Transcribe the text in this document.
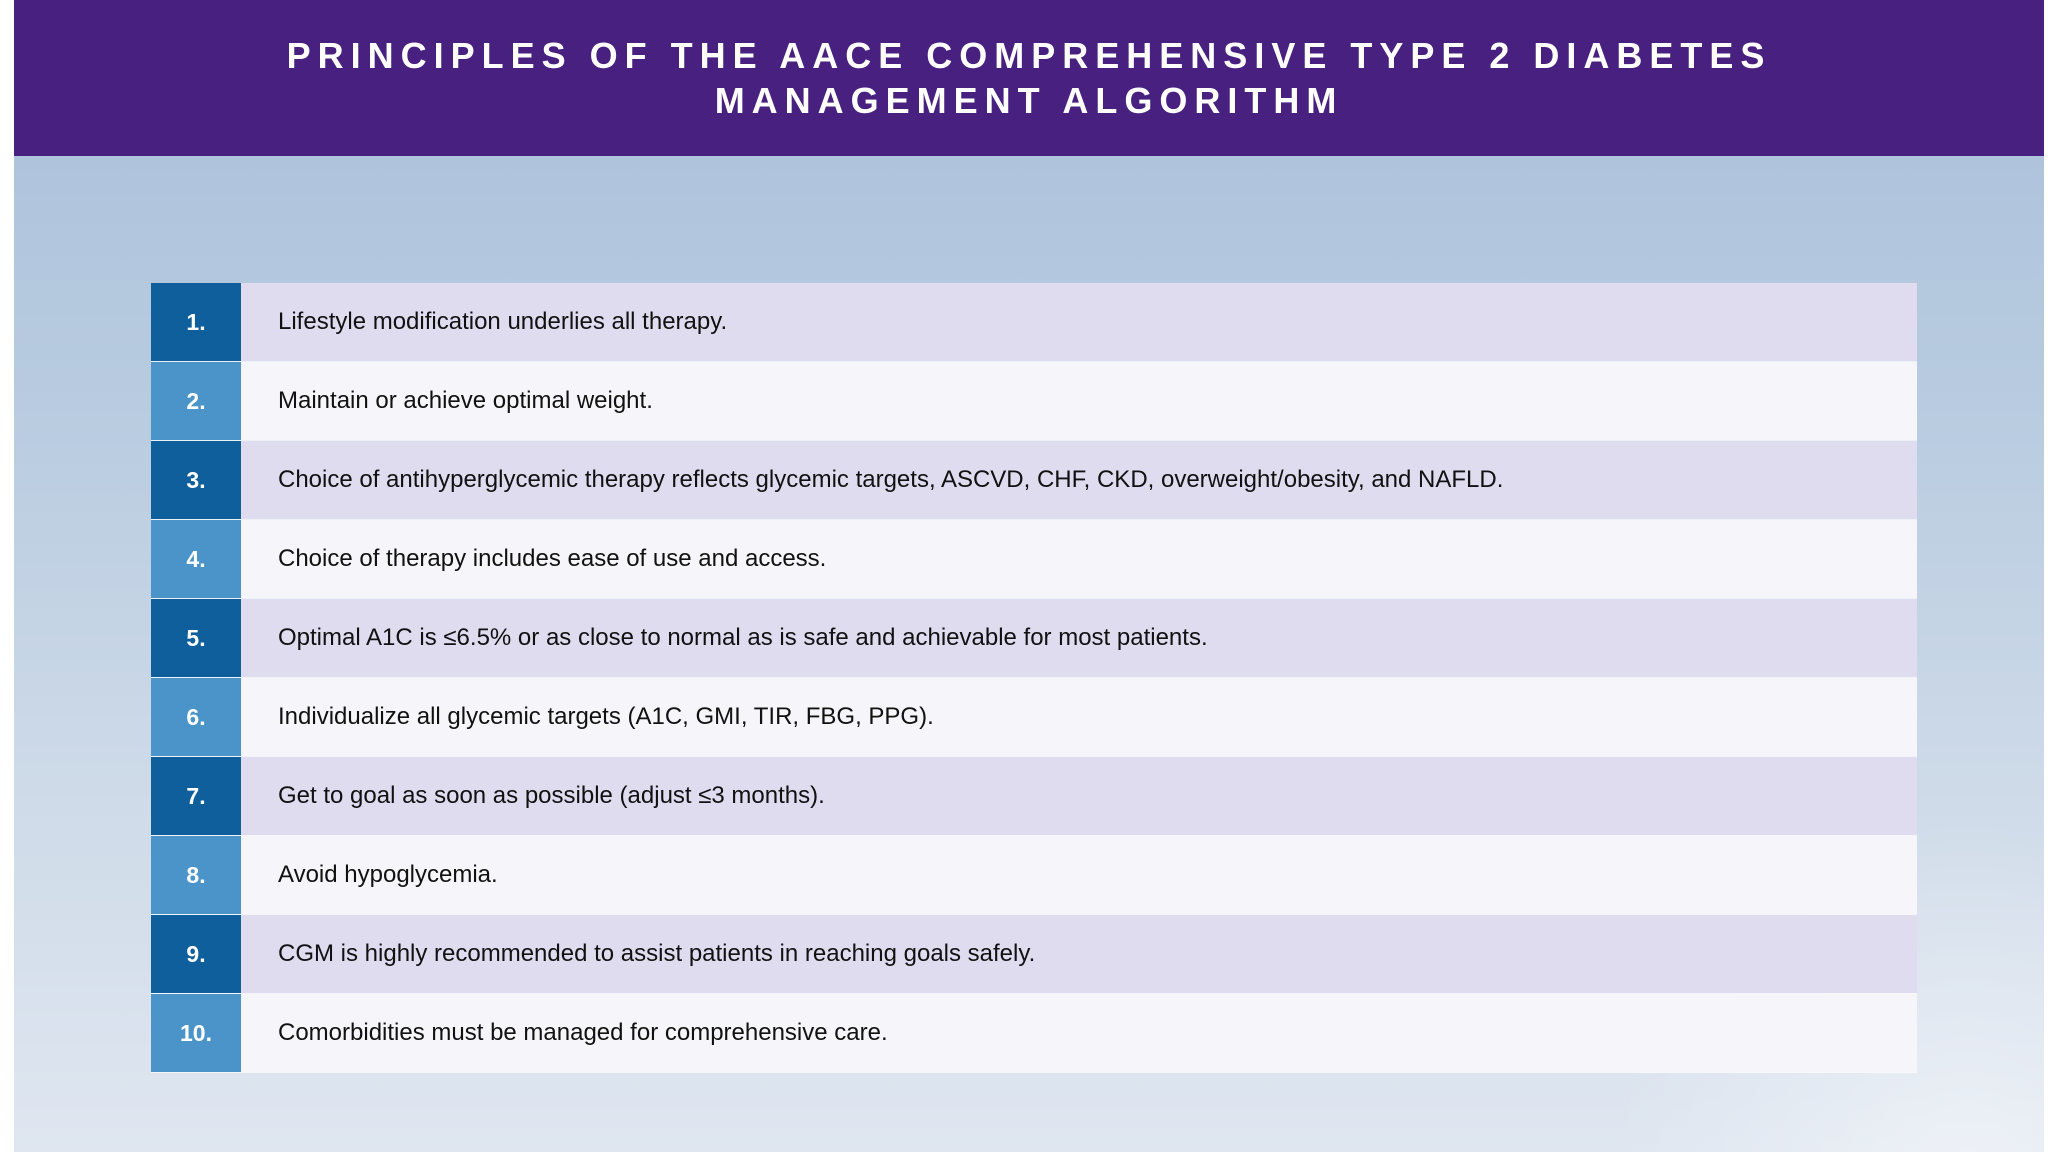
PRINCIPLES OF THE AACE COMPREHENSIVE TYPE 2 DIABETES MANAGEMENT ALGORITHM
1.	Lifestyle modification underlies all therapy.
2.	Maintain or achieve optimal weight.
3.	Choice of antihyperglycemic therapy reflects glycemic targets, ASCVD, CHF, CKD, overweight/obesity, and NAFLD.
4.	Choice of therapy includes ease of use and access.
5.	Optimal A1C is ≤6.5% or as close to normal as is safe and achievable for most patients.
6.	Individualize all glycemic targets (A1C, GMI, TIR, FBG, PPG).
7.	Get to goal as soon as possible (adjust ≤3 months).
8.	Avoid hypoglycemia.
9.	CGM is highly recommended to assist patients in reaching goals safely.
10.	Comorbidities must be managed for comprehensive care.
